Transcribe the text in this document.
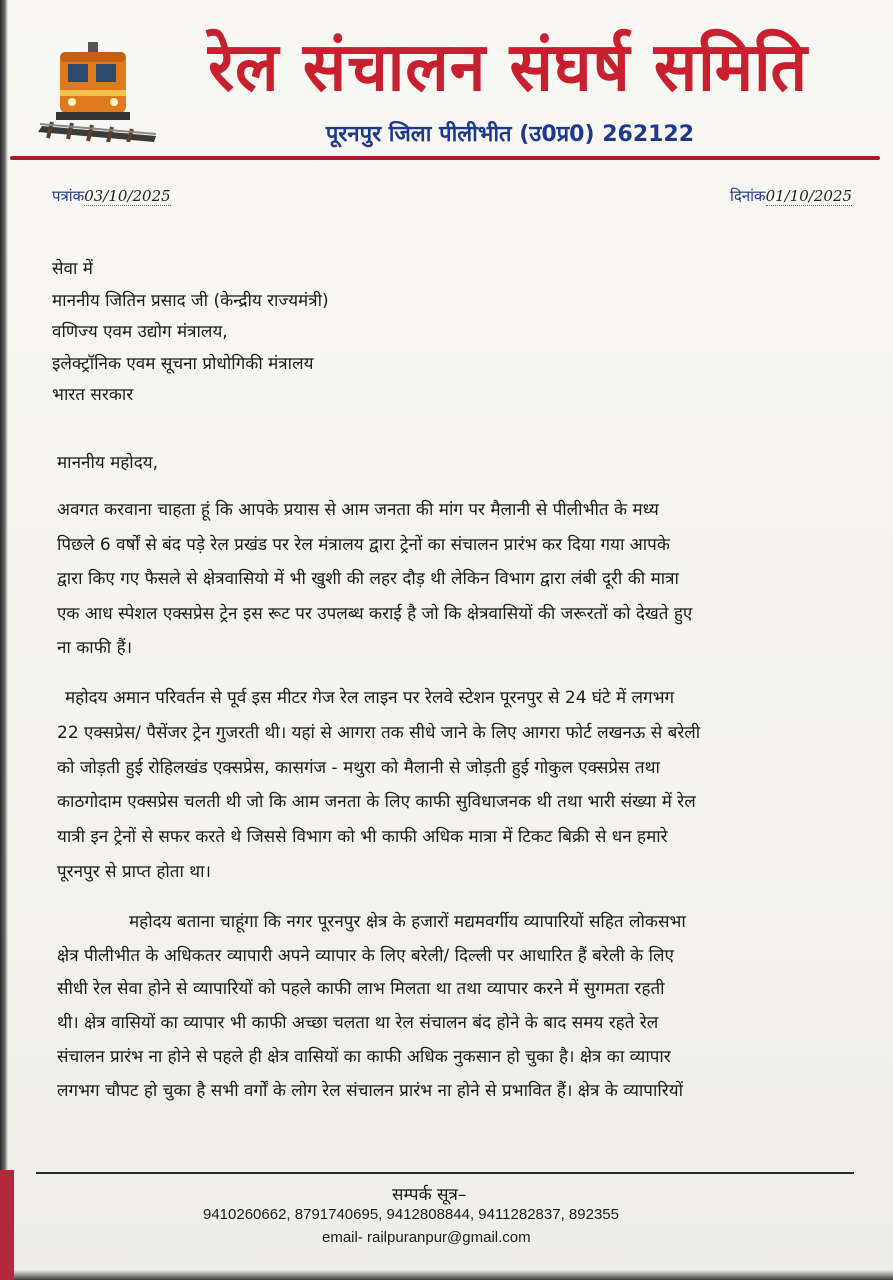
रेल संचालन संघर्ष समिति
पूरनपुर जिला पीलीभीत (उ0प्र0) 262122
पत्रांक03/10/2025	दिनांक01/10/2025
सेवा में
माननीय जितिन प्रसाद जी (केन्द्रीय राज्यमंत्री)
वणिज्य एवम उद्योग मंत्रालय,
इलेक्ट्रॉनिक एवम सूचना प्रोधोगिकी मंत्रालय
भारत सरकार
माननीय महोदय,
अवगत करवाना चाहता हूं कि आपके प्रयास से आम जनता की मांग पर मैलानी से पीलीभीत के मध्य
पिछले 6 वर्षों से बंद पड़े रेल प्रखंड पर रेल मंत्रालय द्वारा ट्रेनों का संचालन प्रारंभ कर दिया गया आपके
द्वारा किए गए फैसले से क्षेत्रवासियो में भी खुशी की लहर दौड़ थी लेकिन विभाग द्वारा लंबी दूरी की मात्रा
एक आध स्पेशल एक्सप्रेस ट्रेन इस रूट पर उपलब्ध कराई है जो कि क्षेत्रवासियों की जरूरतों को देखते हुए
ना काफी हैं।
महोदय अमान परिवर्तन से पूर्व इस मीटर गेज रेल लाइन पर रेलवे स्टेशन पूरनपुर से 24 घंटे में लगभग
22 एक्सप्रेस/ पैसेंजर ट्रेन गुजरती थी। यहां से आगरा तक सीधे जाने के लिए आगरा फोर्ट लखनऊ से बरेली
को जोड़ती हुई रोहिलखंड एक्सप्रेस, कासगंज - मथुरा को मैलानी से जोड़ती हुई गोकुल एक्सप्रेस तथा
काठगोदाम एक्सप्रेस चलती थी जो कि आम जनता के लिए काफी सुविधाजनक थी तथा भारी संख्या में रेल
यात्री इन ट्रेनों से सफर करते थे जिससे विभाग को भी काफी अधिक मात्रा में टिकट बिक्री से धन हमारे
पूरनपुर से प्राप्त होता था।
महोदय बताना चाहूंगा कि नगर पूरनपुर क्षेत्र के हजारों मद्यमवर्गीय व्यापारियों सहित लोकसभा
क्षेत्र पीलीभीत के अधिकतर व्यापारी अपने व्यापार के लिए बरेली/ दिल्ली पर आधारित हैं बरेली के लिए
सीधी रेल सेवा होने से व्यापारियों को पहले काफी लाभ मिलता था तथा व्यापार करने में सुगमता रहती
थी। क्षेत्र वासियों का व्यापार भी काफी अच्छा चलता था रेल संचालन बंद होने के बाद समय रहते रेल
संचालन प्रारंभ ना होने से पहले ही क्षेत्र वासियों का काफी अधिक नुकसान हो चुका है। क्षेत्र का व्यापार
लगभग चौपट हो चुका है सभी वर्गों के लोग रेल संचालन प्रारंभ ना होने से प्रभावित हैं। क्षेत्र के व्यापारियों
सम्पर्क सूत्र–
9410260662, 8791740695, 9412808844, 9411282837, 892355
email- railpuranpur@gmail.com
